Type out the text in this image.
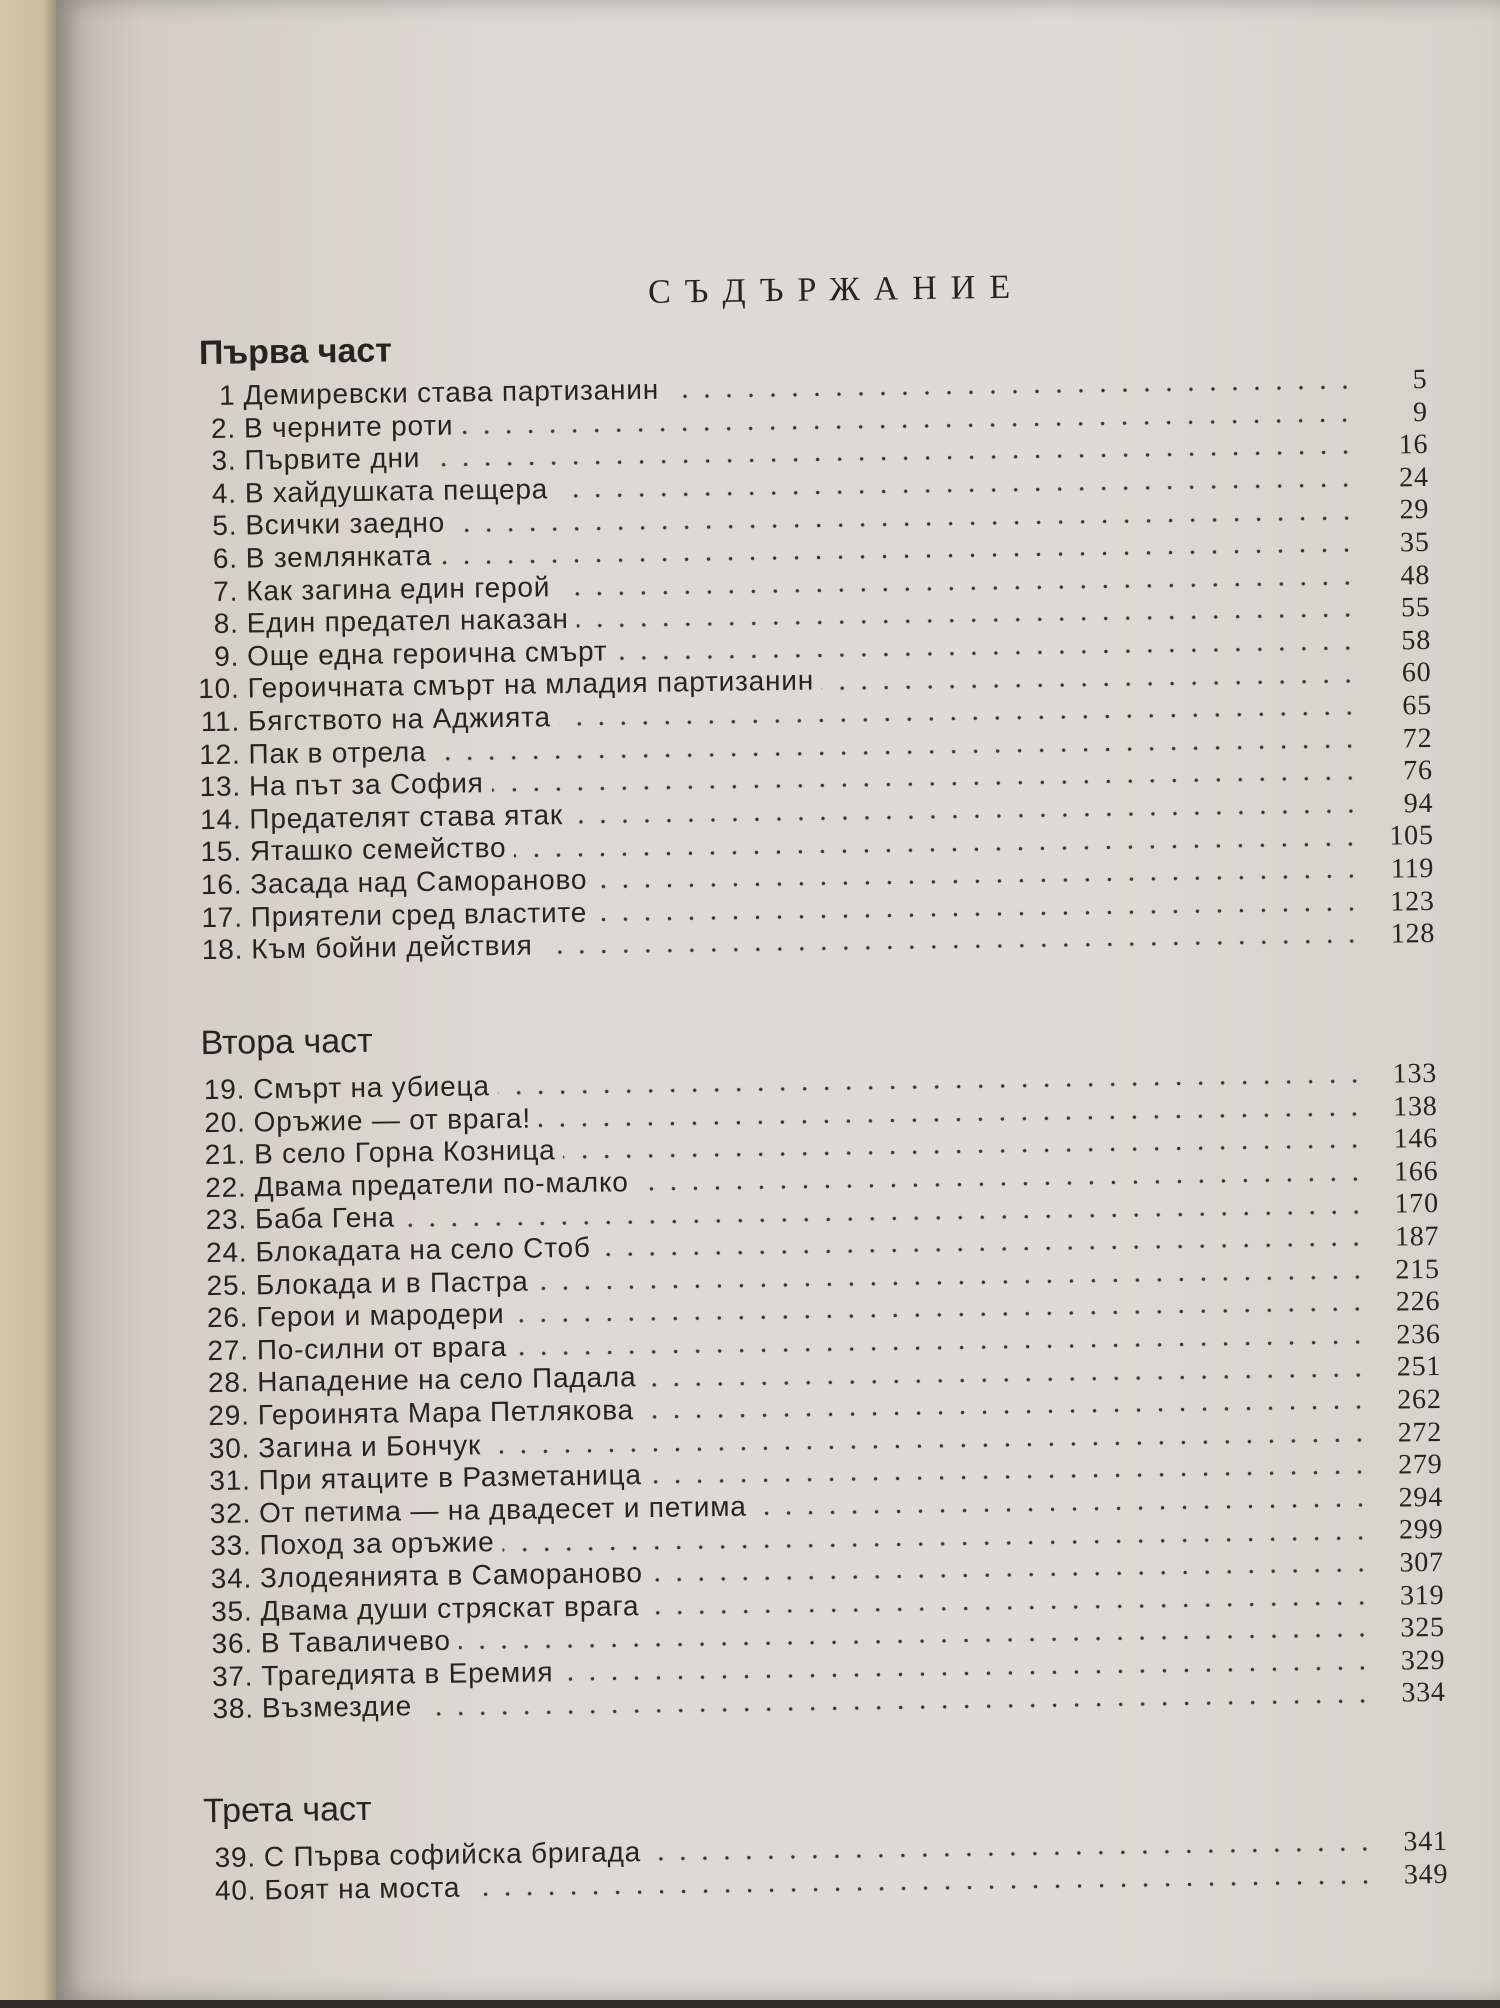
СЪДЪРЖАНИЕ
Първа част
1 Демиревски става партизанин	5
2. В черните роти	9
3. Първите дни	16
4. В хайдушката пещера	24
5. Всички заедно	29
6. В землянката	35
7. Как загина един герой	48
8. Един предател наказан	55
9. Още една героична смърт	58
10. Героичната смърт на младия партизанин	60
11. Бягството на Аджията	65
12. Пак в отрела	72
13. На път за София	76
14. Предателят става ятак	94
15. Яташко семейство	105
16. Засада над Самораново	119
17. Приятели сред властите	123
18. Към бойни действия	128
Втора част
19. Смърт на убиеца	133
20. Оръжие — от врага!	138
21. В село Горна Козница	146
22. Двама предатели по-малко	166
23. Баба Гена	170
24. Блокадата на село Стоб	187
25. Блокада и в Пастра	215
26. Герои и мародери	226
27. По-силни от врага	236
28. Нападение на село Падала	251
29. Героинята Мара Петлякова	262
30. Загина и Бончук	272
31. При ятаците в Разметаница	279
32. От петима — на двадесет и петима	294
33. Поход за оръжие	299
34. Злодеянията в Самораново	307
35. Двама души стряскат врага	319
36. В Таваличево	325
37. Трагедията в Еремия	329
38. Възмездие	334
Трета част
39. С Първа софийска бригада	341
40. Боят на моста	349
